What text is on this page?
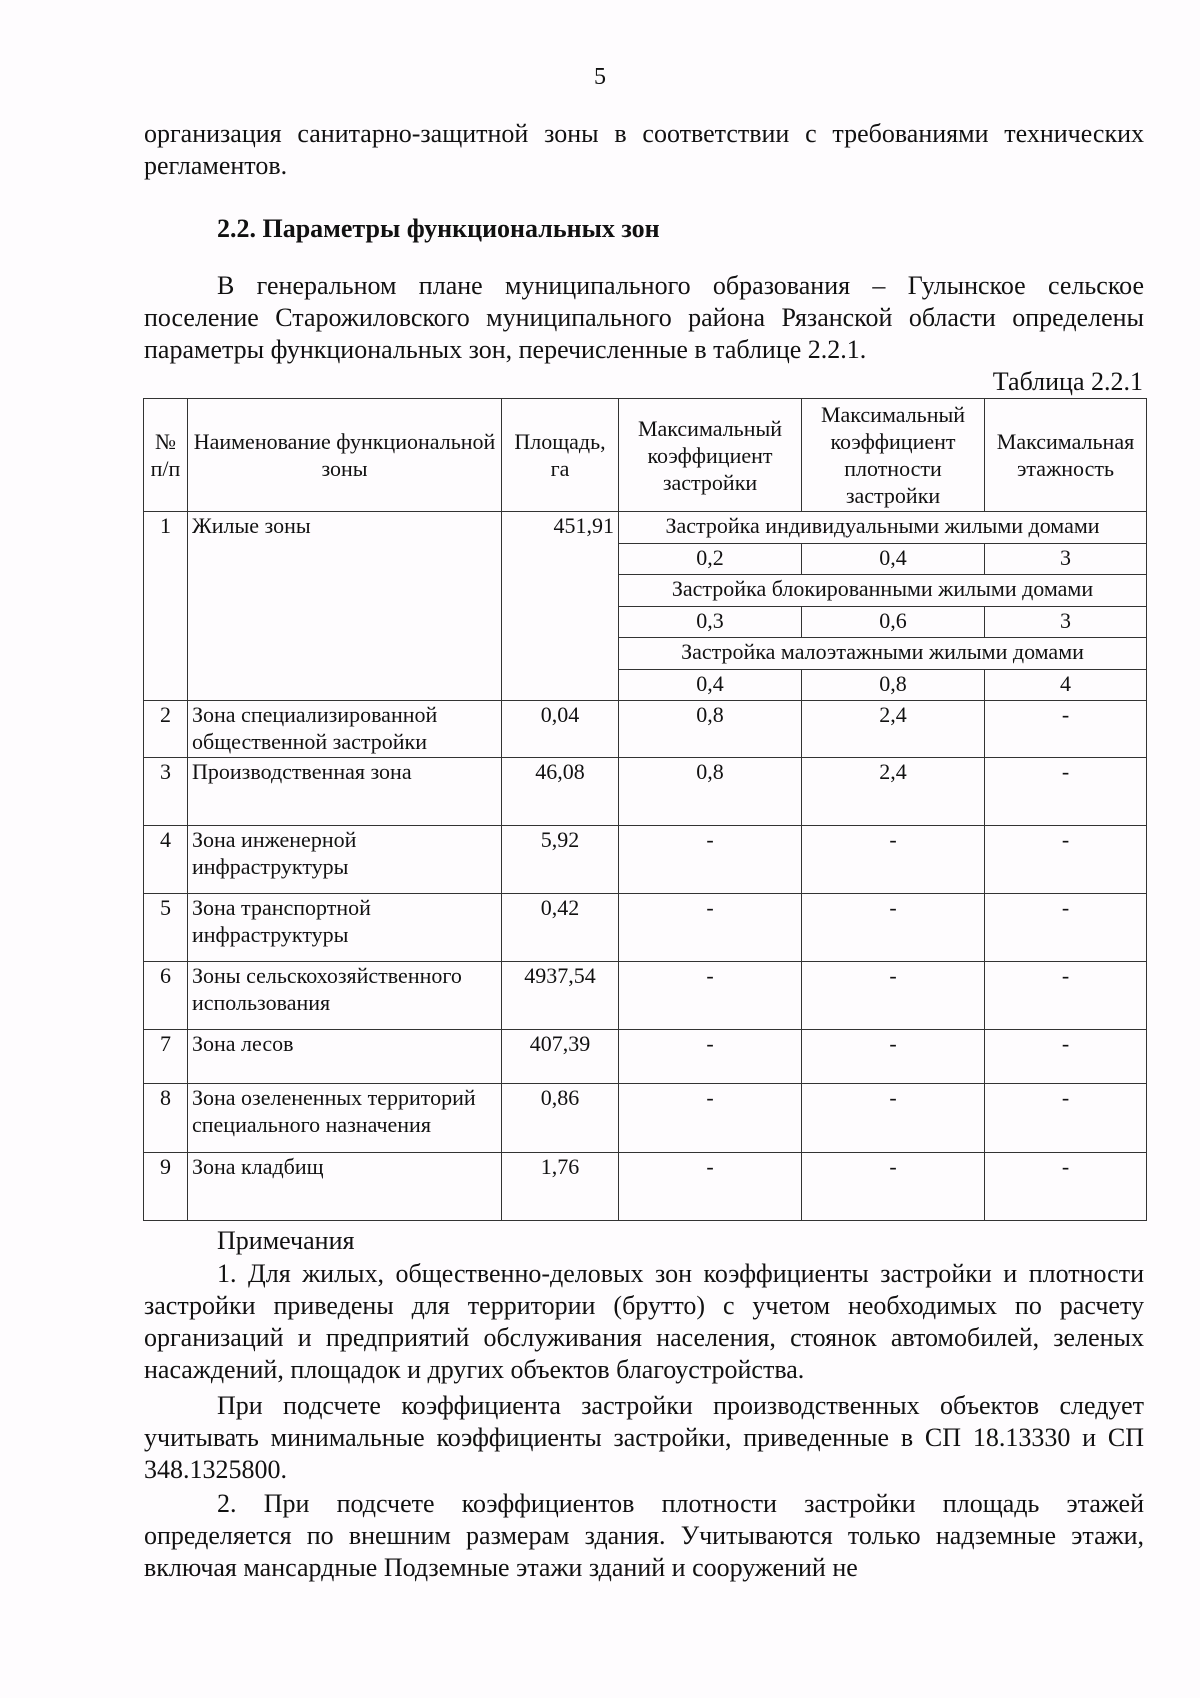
5

организация санитарно-защитной зоны в соответствии с требованиями технических регламентов.

2.2. Параметры функциональных зон

В генеральном плане муниципального образования – Гулынское сельское поселение Старожиловского муниципального района Рязанской области определены параметры функциональных зон, перечисленные в таблице 2.2.1.

Таблица 2.2.1

№ п/п	Наименование функциональной зоны	Площадь, га	Максимальный коэффициент застройки	Максимальный коэффициент плотности застройки	Максимальная этажность
1	Жилые зоны	451,91	Застройка индивидуальными жилыми домами		
			0,2	0,4	3
			Застройка блокированными жилыми домами		
			0,3	0,6	3
			Застройка малоэтажными жилыми домами		
			0,4	0,8	4
2	Зона специализированной общественной застройки	0,04	0,8	2,4	-
3	Производственная зона	46,08	0,8	2,4	-
4	Зона инженерной инфраструктуры	5,92	-	-	-
5	Зона транспортной инфраструктуры	0,42	-	-	-
6	Зоны сельскохозяйственного использования	4937,54	-	-	-
7	Зона лесов	407,39	-	-	-
8	Зона озелененных территорий специального назначения	0,86	-	-	-
9	Зона кладбищ	1,76	-	-	-

Примечания

1. Для жилых, общественно-деловых зон коэффициенты застройки и плотности застройки приведены для территории (брутто) с учетом необходимых по расчету организаций и предприятий обслуживания населения, стоянок автомобилей, зеленых насаждений, площадок и других объектов благоустройства.

При подсчете коэффициента застройки производственных объектов следует учитывать минимальные коэффициенты застройки, приведенные в СП 18.13330 и СП 348.1325800.

2. При подсчете коэффициентов плотности застройки площадь этажей определяется по внешним размерам здания. Учитываются только надземные этажи, включая мансардные Подземные этажи зданий и сооружений не
